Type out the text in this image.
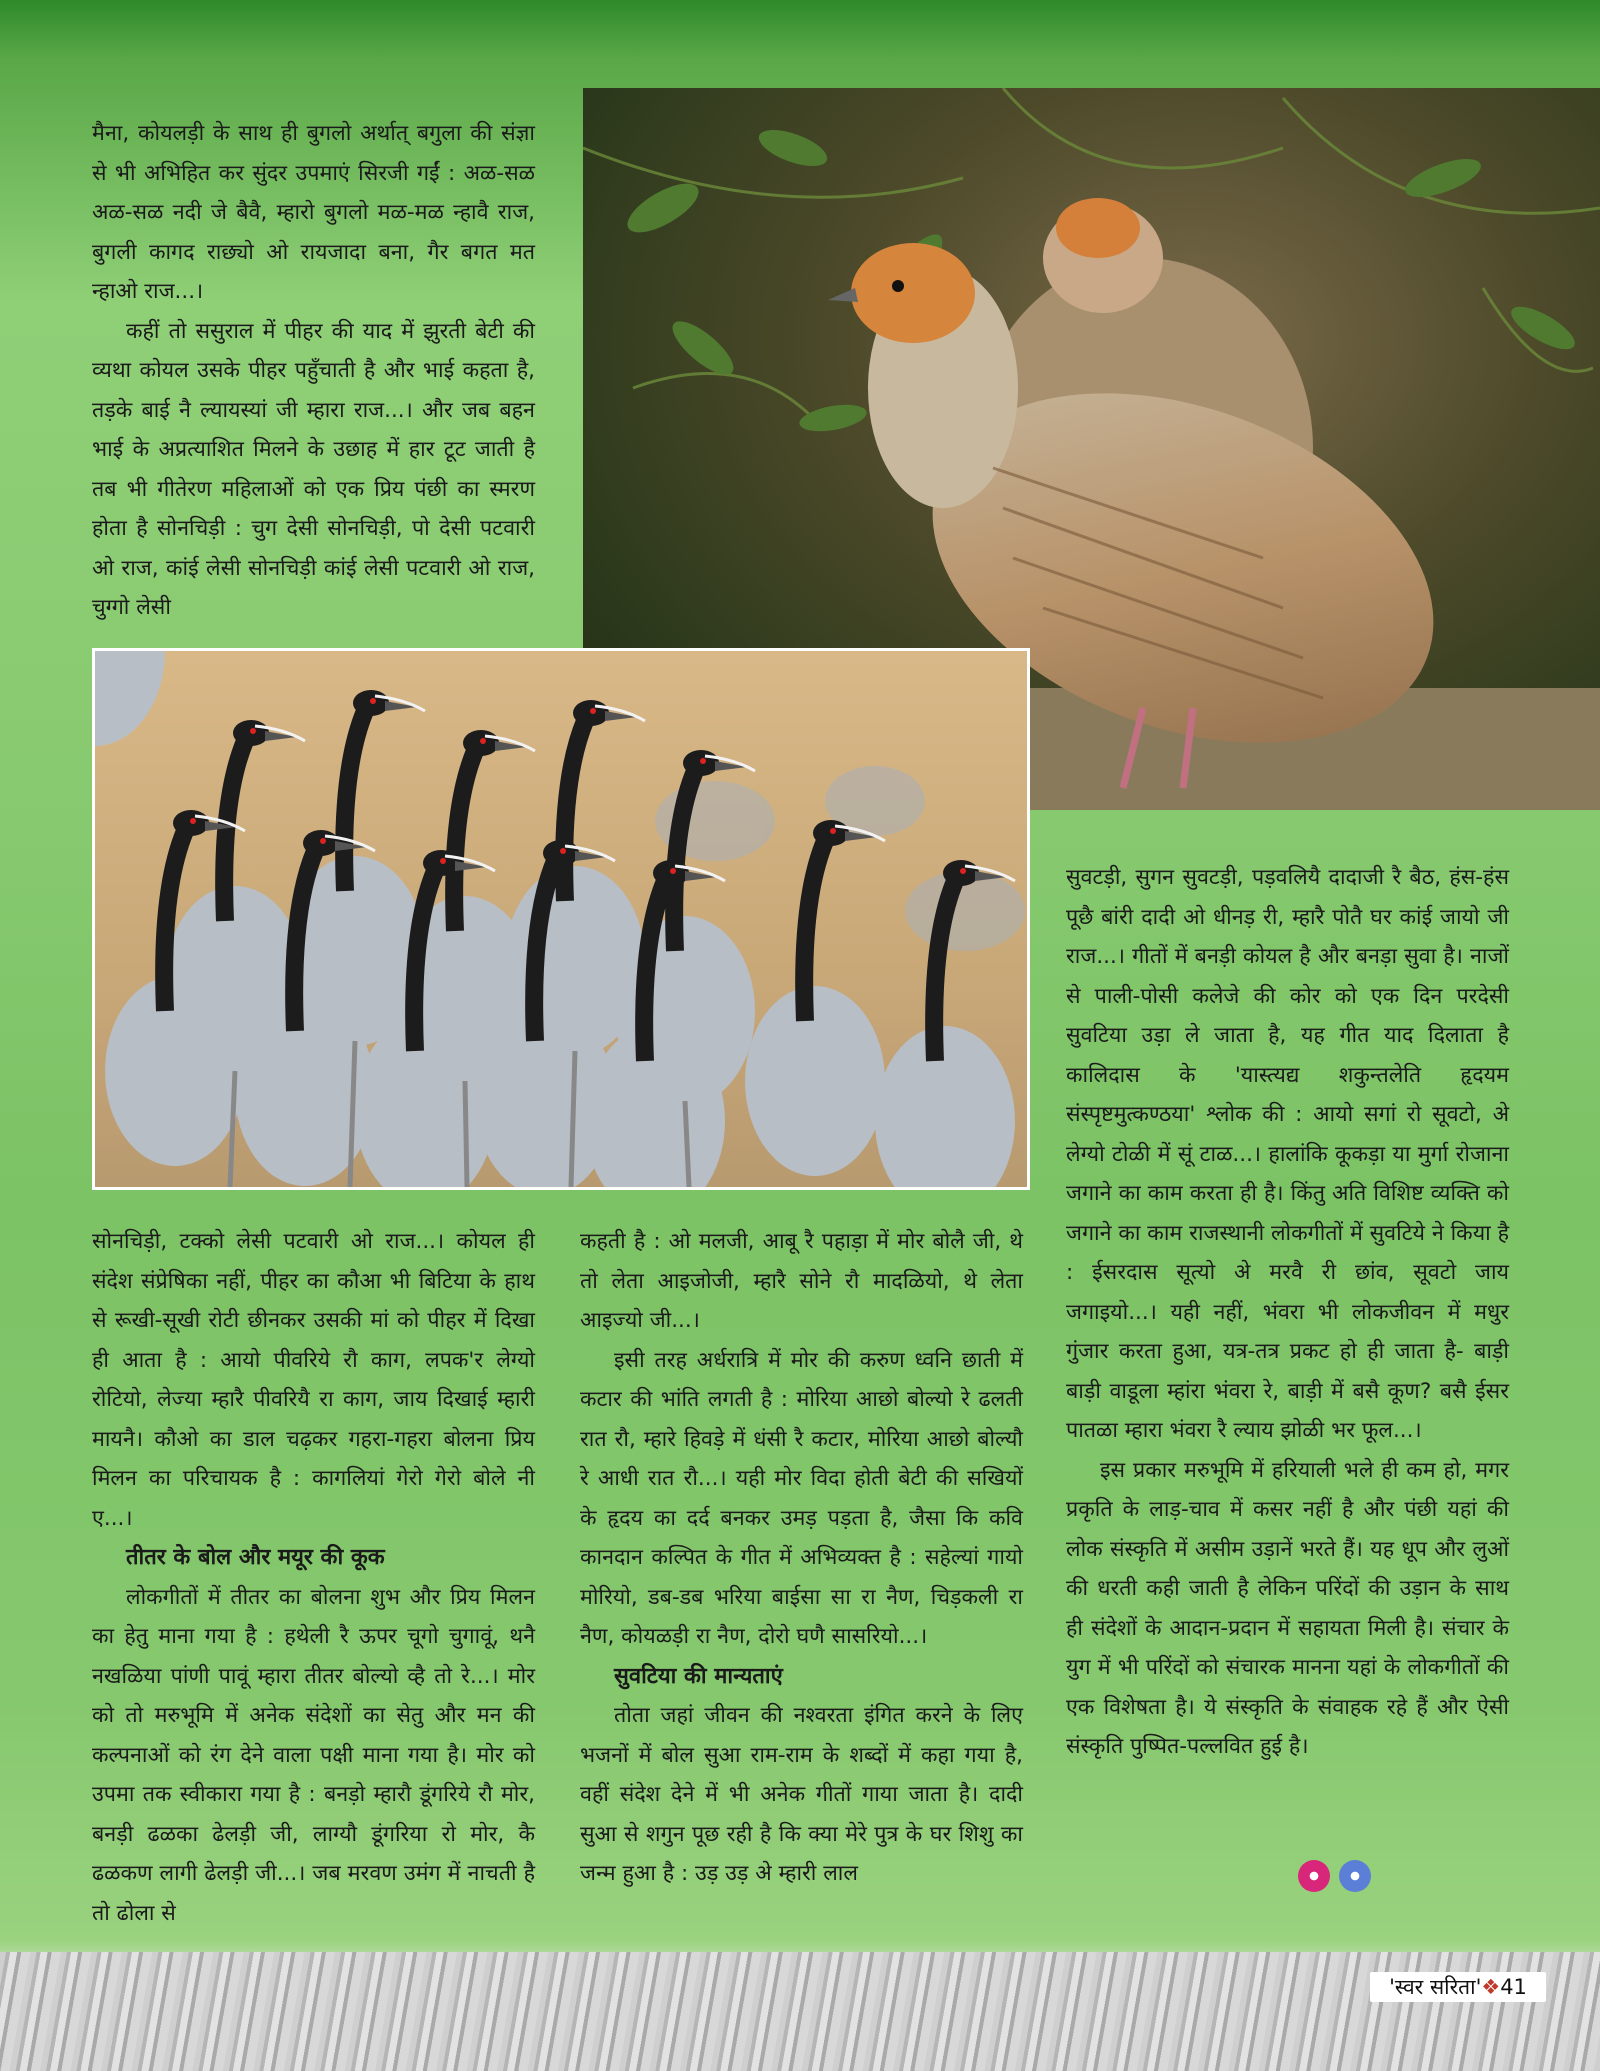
मैना, कोयलड़ी के साथ ही बुगलो अर्थात् बगुला की संज्ञा से भी अभिहित कर सुंदर उपमाएं सिरजी गईं : अळ-सळ अळ-सळ नदी जे बैवै, म्हारो बुगलो मळ-मळ न्हावै राज, बुगली कागद राछ्यो ओ रायजादा बना, गैर बगत मत न्हाओ राज...।

कहीं तो ससुराल में पीहर की याद में झुरती बेटी की व्यथा कोयल उसके पीहर पहुँचाती है और भाई कहता है, तड़के बाई नै ल्यायस्यां जी म्हारा राज...। और जब बहन भाई के अप्रत्याशित मिलने के उछाह में हार टूट जाती है तब भी गीतेरण महिलाओं को एक प्रिय पंछी का स्मरण होता है सोनचिड़ी : चुग देसी सोनचिड़ी, पो देसी पटवारी ओ राज, कांई लेसी सोनचिड़ी कांई लेसी पटवारी ओ राज, चुग्गो लेसी

सोनचिड़ी, टक्को लेसी पटवारी ओ राज...। कोयल ही संदेश संप्रेषिका नहीं, पीहर का कौआ भी बिटिया के हाथ से रूखी-सूखी रोटी छीनकर उसकी मां को पीहर में दिखा ही आता है : आयो पीवरिये रौ काग, लपक'र लेग्यो रोटियो, लेज्या म्हारै पीवरियै रा काग, जाय दिखाई म्हारी मायनै। कौओ का डाल चढ़कर गहरा-गहरा बोलना प्रिय मिलन का परिचायक है : कागलियां गेरो गेरो बोले नी ए...।

तीतर के बोल और मयूर की कूक

लोकगीतों में तीतर का बोलना शुभ और प्रिय मिलन का हेतु माना गया है : हथेली रै ऊपर चूगो चुगावूं, थनै नखळिया पांणी पावूं म्हारा तीतर बोल्यो व्है तो रे...। मोर को तो मरुभूमि में अनेक संदेशों का सेतु और मन की कल्पनाओं को रंग देने वाला पक्षी माना गया है। मोर को उपमा तक स्वीकारा गया है : बनड़ो म्हारौ डूंगरिये रौ मोर, बनड़ी ढळका ढेलड़ी जी, लाग्यौ डूंगरिया रो मोर, कै ढळकण लागी ढेलड़ी जी...। जब मरवण उमंग में नाचती है तो ढोला से

कहती है : ओ मलजी, आबू रै पहाड़ा में मोर बोलै जी, थे तो लेता आइजोजी, म्हारै सोने रौ मादळियो, थे लेता आइज्यो जी...।

इसी तरह अर्धरात्रि में मोर की करुण ध्वनि छाती में कटार की भांति लगती है : मोरिया आछो बोल्यो रे ढलती रात रौ, म्हारे हिवड़े में धंसी रै कटार, मोरिया आछो बोल्यौ रे आधी रात रौ...। यही मोर विदा होती बेटी की सखियों के हृदय का दर्द बनकर उमड़ पड़ता है, जैसा कि कवि कानदान कल्पित के गीत में अभिव्यक्त है : सहेल्यां गायो मोरियो, डब-डब भरिया बाईसा सा रा नैण, चिड़कली रा नैण, कोयळड़ी रा नैण, दोरो घणै सासरियो...।

सुवटिया की मान्यताएं

तोता जहां जीवन की नश्वरता इंगित करने के लिए भजनों में बोल सुआ राम-राम के शब्दों में कहा गया है, वहीं संदेश देने में भी अनेक गीतों गाया जाता है। दादी सुआ से शगुन पूछ रही है कि क्या मेरे पुत्र के घर शिशु का जन्म हुआ है : उड़ उड़ अे म्हारी लाल

सुवटड़ी, सुगन सुवटड़ी, पड़वलियै दादाजी रै बैठ, हंस-हंस पूछै बांरी दादी ओ धीनड़ री, म्हारै पोतै घर कांई जायो जी राज...। गीतों में बनड़ी कोयल है और बनड़ा सुवा है। नाजों से पाली-पोसी कलेजे की कोर को एक दिन परदेसी सुवटिया उड़ा ले जाता है, यह गीत याद दिलाता है कालिदास के 'यास्त्यद्य शकुन्तलेति हृदयम संस्पृष्टमुत्कण्ठया' श्लोक की : आयो सगां रो सूवटो, अे लेग्यो टोळी में सूं टाळ...। हालांकि कूकड़ा या मुर्गा रोजाना जगाने का काम करता ही है। किंतु अति विशिष्ट व्यक्ति को जगाने का काम राजस्थानी लोकगीतों में सुवटिये ने किया है : ईसरदास सूत्यो अे मरवै री छांव, सूवटो जाय जगाइयो...। यही नहीं, भंवरा भी लोकजीवन में मधुर गुंजार करता हुआ, यत्र-तत्र प्रकट हो ही जाता है- बाड़ी बाड़ी वाडूला म्हांरा भंवरा रे, बाड़ी में बसै कूण? बसै ईसर पातळा म्हारा भंवरा रै ल्याय झोळी भर फूल...।

इस प्रकार मरुभूमि में हरियाली भले ही कम हो, मगर प्रकृति के लाड़-चाव में कसर नहीं है और पंछी यहां की लोक संस्कृति में असीम उड़ानें भरते हैं। यह धूप और लुओं की धरती कही जाती है लेकिन परिंदों की उड़ान के साथ ही संदेशों के आदान-प्रदान में सहायता मिली है। संचार के युग में भी परिंदों को संचारक मानना यहां के लोकगीतों की एक विशेषता है। ये संस्कृति के संवाहक रहे हैं और ऐसी संस्कृति पुष्पित-पल्लवित हुई है।

'स्वर सरिता'❖41
